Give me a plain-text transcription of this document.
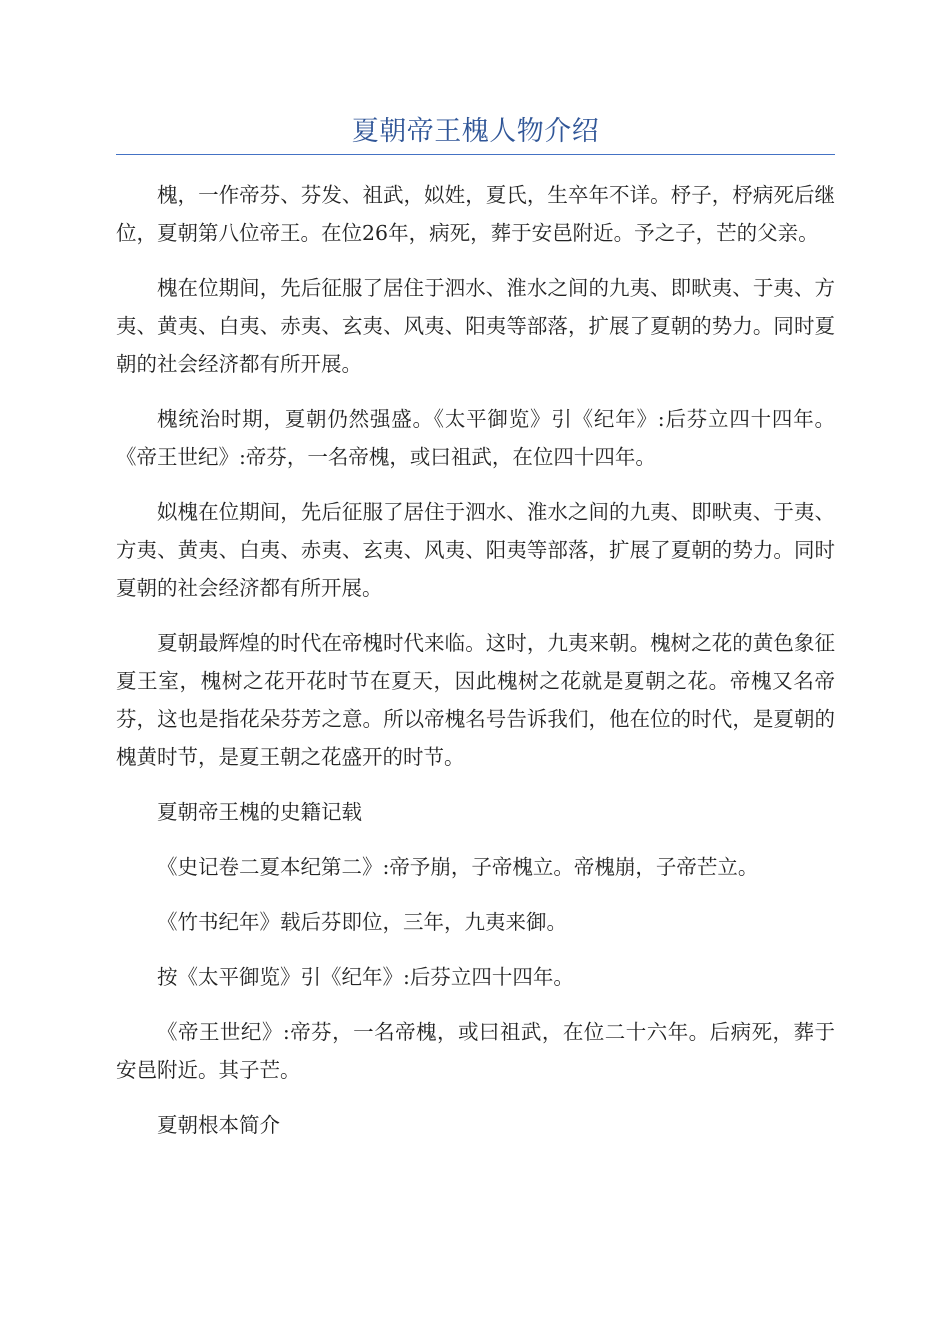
夏朝帝王槐人物介绍

槐，一作帝芬、芬发、祖武，姒姓，夏氏，生卒年不详。杼子，杼病死后继位，夏朝第八位帝王。在位26年，病死，葬于安邑附近。予之子，芒的父亲。

槐在位期间，先后征服了居住于泗水、淮水之间的九夷、即畎夷、于夷、方夷、黄夷、白夷、赤夷、玄夷、风夷、阳夷等部落，扩展了夏朝的势力。同时夏朝的社会经济都有所开展。

槐统治时期，夏朝仍然强盛。《太平御览》引《纪年》:后芬立四十四年。《帝王世纪》:帝芬，一名帝槐，或曰祖武，在位四十四年。

姒槐在位期间，先后征服了居住于泗水、淮水之间的九夷、即畎夷、于夷、方夷、黄夷、白夷、赤夷、玄夷、风夷、阳夷等部落，扩展了夏朝的势力。同时夏朝的社会经济都有所开展。

夏朝最辉煌的时代在帝槐时代来临。这时，九夷来朝。槐树之花的黄色象征夏王室，槐树之花开花时节在夏天，因此槐树之花就是夏朝之花。帝槐又名帝芬，这也是指花朵芬芳之意。所以帝槐名号告诉我们，他在位的时代，是夏朝的槐黄时节，是夏王朝之花盛开的时节。

夏朝帝王槐的史籍记载

《史记卷二夏本纪第二》:帝予崩，子帝槐立。帝槐崩，子帝芒立。

《竹书纪年》载后芬即位，三年，九夷来御。

按《太平御览》引《纪年》:后芬立四十四年。

《帝王世纪》:帝芬，一名帝槐，或曰祖武，在位二十六年。后病死，葬于安邑附近。其子芒。

夏朝根本简介
